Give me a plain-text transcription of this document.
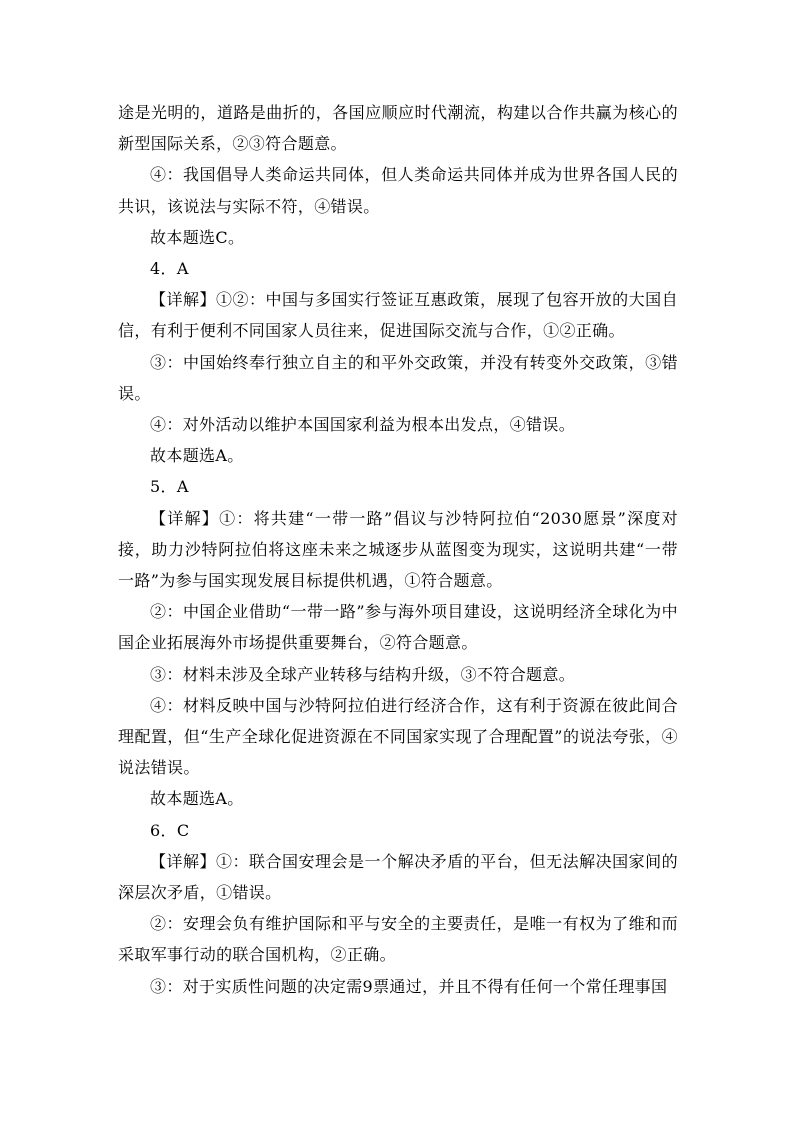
途是光明的，道路是曲折的，各国应顺应时代潮流，构建以合作共赢为核心的新型国际关系，②③符合题意。

④：我国倡导人类命运共同体，但人类命运共同体并成为世界各国人民的共识，该说法与实际不符，④错误。

故本题选C。

4．A

【详解】①②：中国与多国实行签证互惠政策，展现了包容开放的大国自信，有利于便利不同国家人员往来，促进国际交流与合作，①②正确。

③：中国始终奉行独立自主的和平外交政策，并没有转变外交政策，③错误。

④：对外活动以维护本国国家利益为根本出发点，④错误。

故本题选A。

5．A

【详解】①：将共建“一带一路”倡议与沙特阿拉伯“2030愿景”深度对接，助力沙特阿拉伯将这座未来之城逐步从蓝图变为现实，这说明共建“一带一路”为参与国实现发展目标提供机遇，①符合题意。

②：中国企业借助“一带一路”参与海外项目建设，这说明经济全球化为中国企业拓展海外市场提供重要舞台，②符合题意。

③：材料未涉及全球产业转移与结构升级，③不符合题意。

④：材料反映中国与沙特阿拉伯进行经济合作，这有利于资源在彼此间合理配置，但“生产全球化促进资源在不同国家实现了合理配置”的说法夸张，④说法错误。

故本题选A。

6．C

【详解】①：联合国安理会是一个解决矛盾的平台，但无法解决国家间的深层次矛盾，①错误。

②：安理会负有维护国际和平与安全的主要责任，是唯一有权为了维和而采取军事行动的联合国机构，②正确。

③：对于实质性问题的决定需9票通过，并且不得有任何一个常任理事国
